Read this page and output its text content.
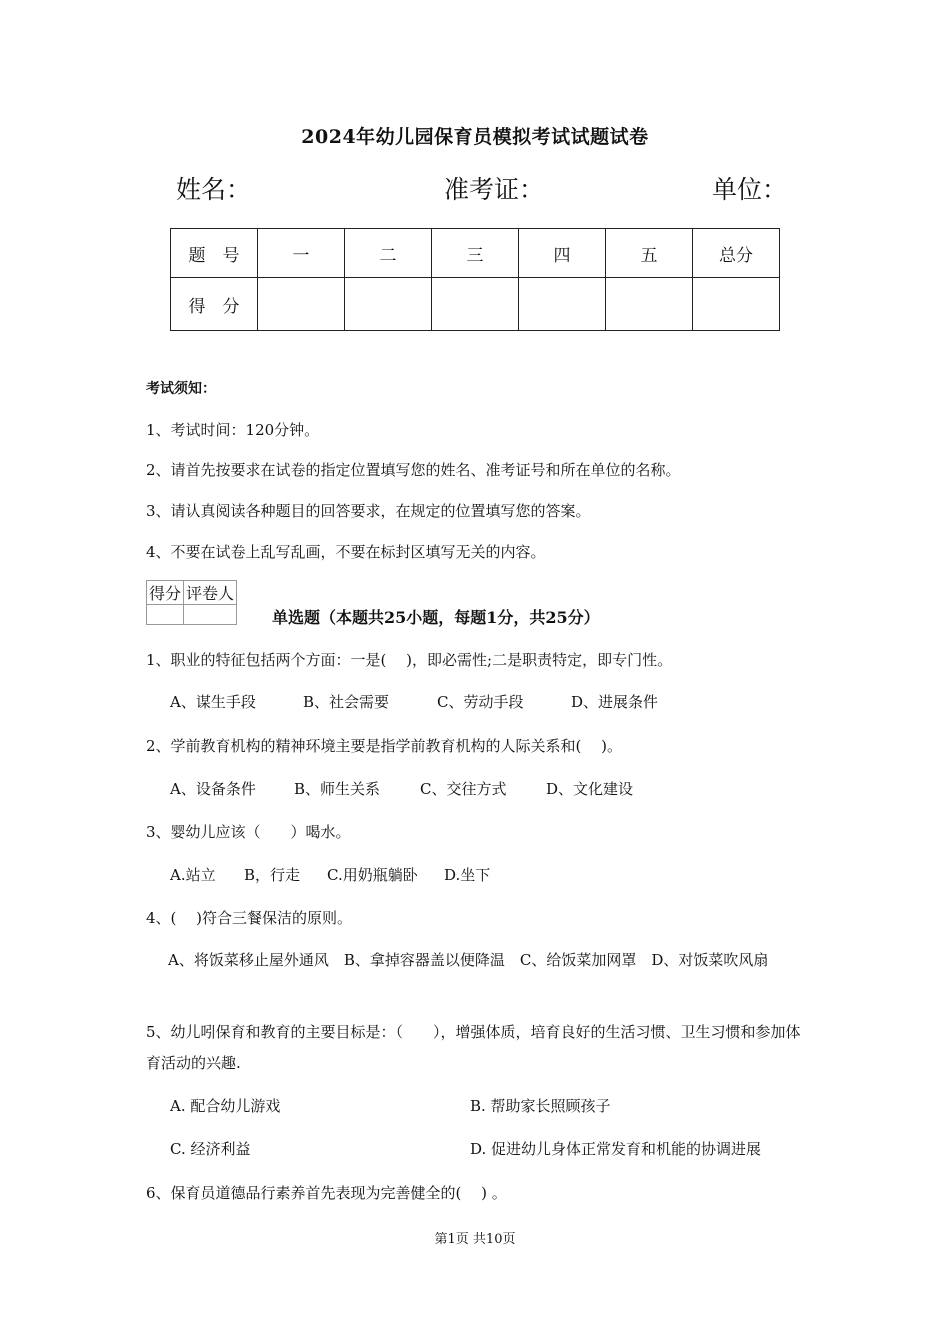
2024年幼儿园保育员模拟考试试题试卷
姓名：	准考证：	单位：
题　号	一	二	三	四	五	总分
得　分						
考试须知：
1、考试时间：120分钟。
2、请首先按要求在试卷的指定位置填写您的姓名、准考证号和所在单位的名称。
3、请认真阅读各种题目的回答要求，在规定的位置填写您的答案。
4、不要在试卷上乱写乱画，不要在标封区填写无关的内容。
得分	评卷人

单选题（本题共25小题，每题1分，共25分）
1、职业的特征包括两个方面：一是(　 )，即必需性;二是职责特定，即专门性。
A、谋生手段	B、社会需要	C、劳动手段	D、进展条件
2、学前教育机构的精神环境主要是指学前教育机构的人际关系和(　 )。
A、设备条件	B、师生关系	C、交往方式	D、文化建设
3、婴幼儿应该（　　）喝水。
A.站立 B，行走 C.用奶瓶躺卧 D.坐下
4、(　 )符合三餐保洁的原则。
A、将饭菜移止屋外通风　B、拿掉容器盖以便降温　C、给饭菜加网罩　D、对饭菜吹风扇
5、幼儿吲保育和教育的主要目标是：（　　），增强体质，培育良好的生活习惯、卫生习惯和参加体育活动的兴趣.
A. 配合幼儿游戏	B. 帮助家长照顾孩子
C. 经济利益	D. 促进幼儿身体正常发育和机能的协调进展
6、保育员道德品行素养首先表现为完善健全的(　 ) 。
第1页 共10页
